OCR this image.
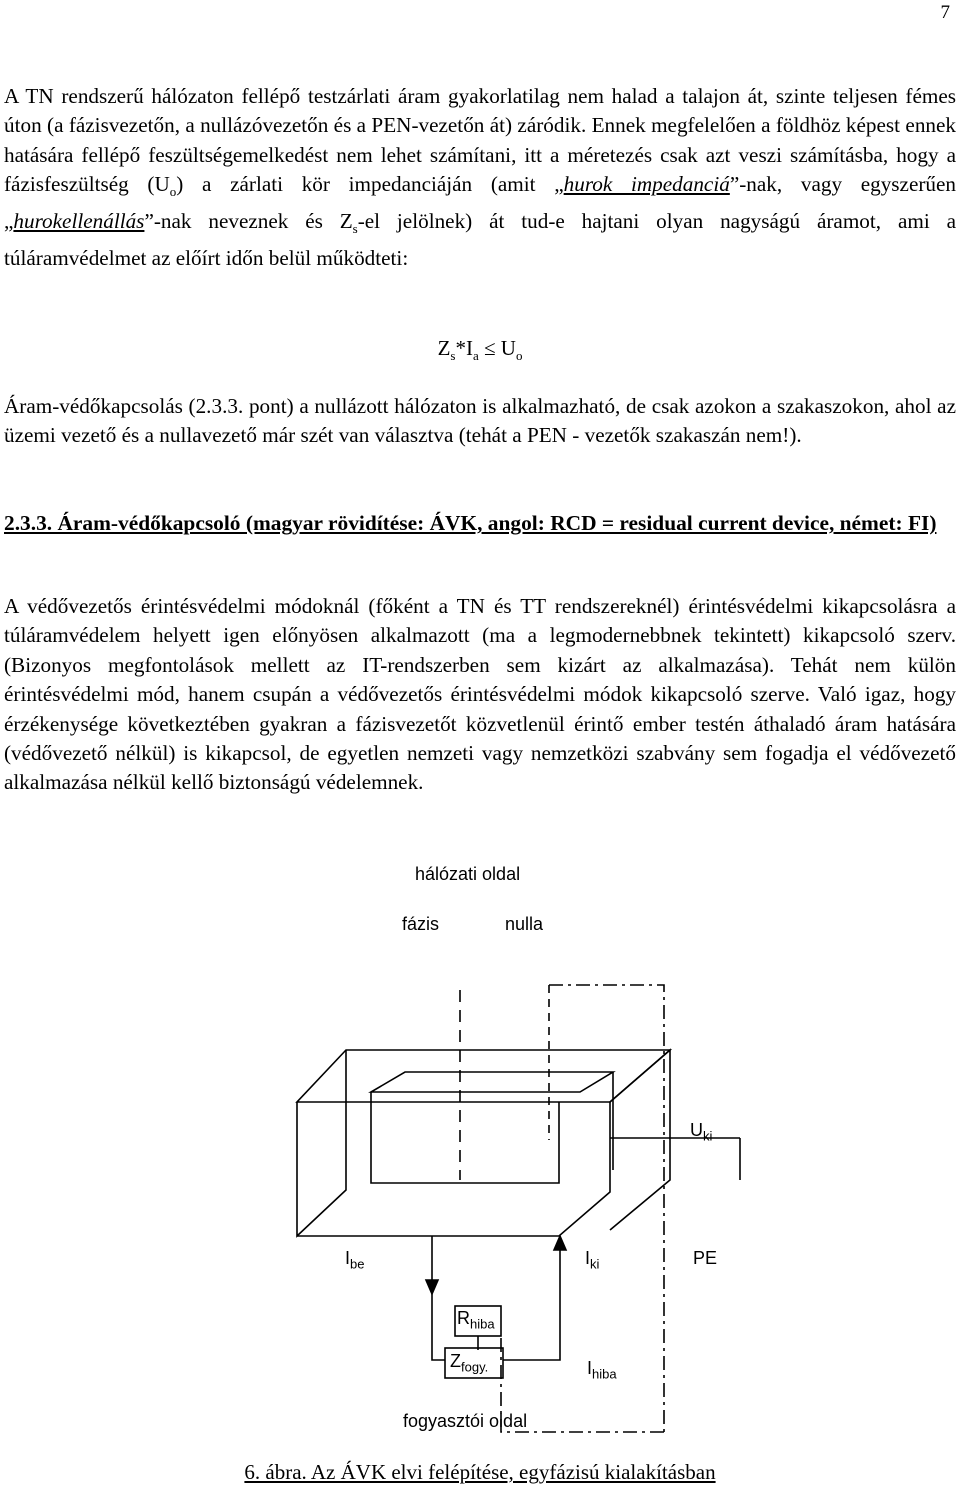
7

A TN rendszerű hálózaton fellépő testzárlati áram gyakorlatilag nem halad a talajon át, szinte teljesen fémes úton (a fázisvezetőn, a nullázóvezetőn és a PEN-vezetőn át) záródik. Ennek megfelelően a földhöz képest ennek hatására fellépő feszültségemelkedést nem lehet számítani, itt a méretezés csak azt veszi számításba, hogy a fázisfeszültség $(U_o)$ a zárlati kör impedanciáján (amit „hurok impedanciá”-nak, vagy egyszerűen „hurokellenállás”-nak neveznek és $Z_s-el$ jelölnek) át tud-e hajtani olyan nagyságú áramot, ami a túláramvédelmet az előírt időn belül működteti:

$Z_s*I_a \le U_o$

Áram-védőkapcsolás (2.3.3. pont) a nullázott hálózaton is alkalmazható, de csak azokon a szakaszokon, ahol az üzemi vezető és a nullavezető már szét van választva (tehát a PEN - vezetők szakaszán nem!).

2.3.3. Áram-védőkapcsoló (magyar rövidítése: ÁVK, angol: RCD = residual current device, német: FI)

A védővezetős érintésvédelmi módoknál (főként a TN és TT rendszereknél) érintésvédelmi kikapcsolásra a túláramvédelem helyett igen előnyösen alkalmazott (ma a legmodernebbnek tekintett) kikapcsoló szerv. (Bizonyos megfontolások mellett az IT-rendszerben sem kizárt az alkalmazása). Tehát nem külön érintésvédelmi mód, hanem csupán a védővezetős érintésvédelmi módok kikapcsoló szerve. Való igaz, hogy érzékenysége következtében gyakran a fázisvezetőt közvetlenül érintő ember testén áthaladó áram hatására (védővezető nélkül) is kikapcsol, de egyetlen nemzeti vagy nemzetközi szabvány sem fogadja el védővezető alkalmazása nélkül kellő biztonságú védelemnek.

hálózati oldal
fázis	nulla
$U_{ki}$
$I_{be}$	$I_{ki}$	PE
$R_{hiba}$
$Z_{fogy.}$	$I_{hiba}$
fogyasztói oldal
6. ábra. Az ÁVK elvi felépítése, egyfázisú kialakításban
